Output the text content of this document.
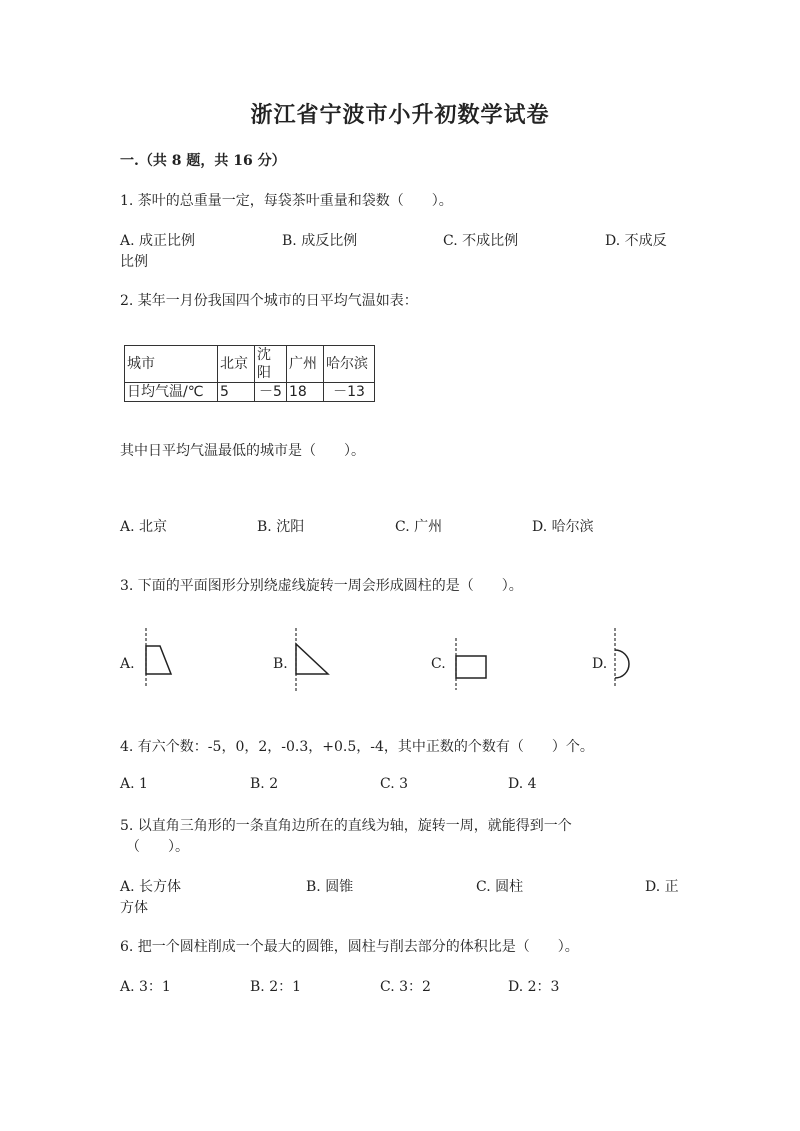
浙江省宁波市小升初数学试卷
一.（共 8 题，共 16 分）
1. 茶叶的总重量一定，每袋茶叶重量和袋数（　　）。
A. 成正比例	B. 成反比例	C. 不成比例	D. 不成反
比例
2. 某年一月份我国四个城市的日平均气温如表：
城市	北京	沈阳	广州	哈尔滨
日均气温/℃	5	－5	18	－13
其中日平均气温最低的城市是（　　）。
A. 北京	B. 沈阳	C. 广州	D. 哈尔滨
3. 下面的平面图形分别绕虚线旋转一周会形成圆柱的是（　　）。
A.	B.	C.	D.
4. 有六个数：-5，0，2，-0.3，+0.5，-4，其中正数的个数有（　　）个。
A. 1	B. 2	C. 3	D. 4
5. 以直角三角形的一条直角边所在的直线为轴，旋转一周，就能得到一个
（　　）。
A. 长方体	B. 圆锥	C. 圆柱	D. 正
方体
6. 把一个圆柱削成一个最大的圆锥，圆柱与削去部分的体积比是（　　）。
A. 3：1	B. 2：1	C. 3：2	D. 2：3
